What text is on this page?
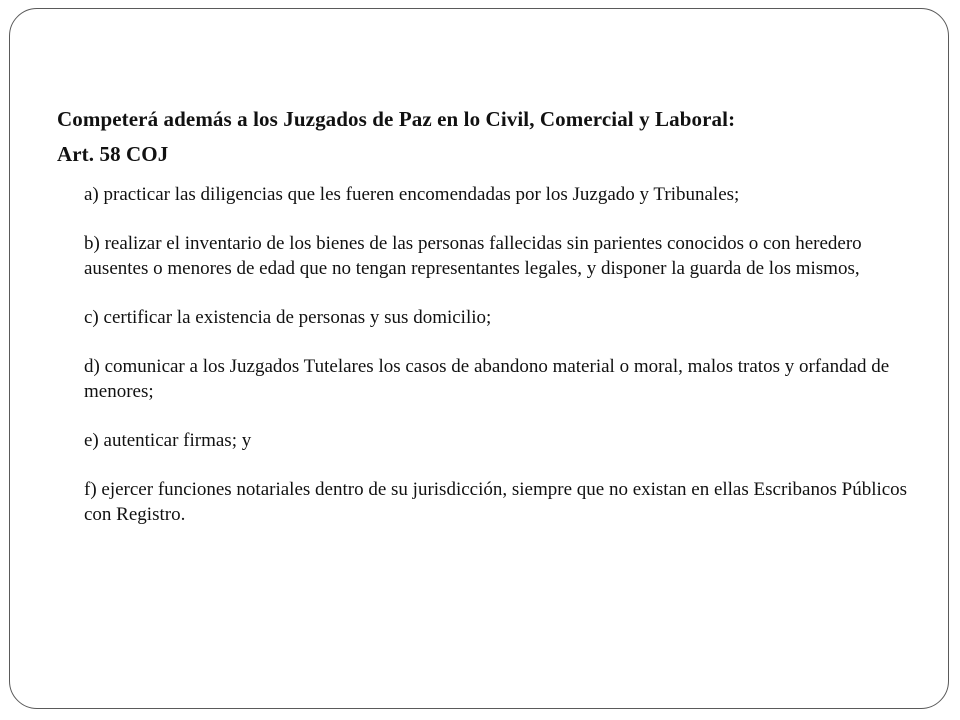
Competerá además a los Juzgados de Paz en lo Civil, Comercial y Laboral:
Art. 58 COJ
a) practicar las diligencias que les fueren encomendadas por los Juzgado y Tribunales;
b) realizar el inventario de los bienes de las personas fallecidas sin parientes conocidos o con heredero ausentes o menores de edad que no tengan representantes legales, y disponer la guarda de los mismos,
c) certificar la existencia de personas y sus domicilio;
d) comunicar a los Juzgados Tutelares los casos de abandono material o moral, malos tratos y orfandad de menores;
e) autenticar firmas; y
f) ejercer funciones notariales dentro de su jurisdicción, siempre que no existan en ellas Escribanos Públicos con Registro.
